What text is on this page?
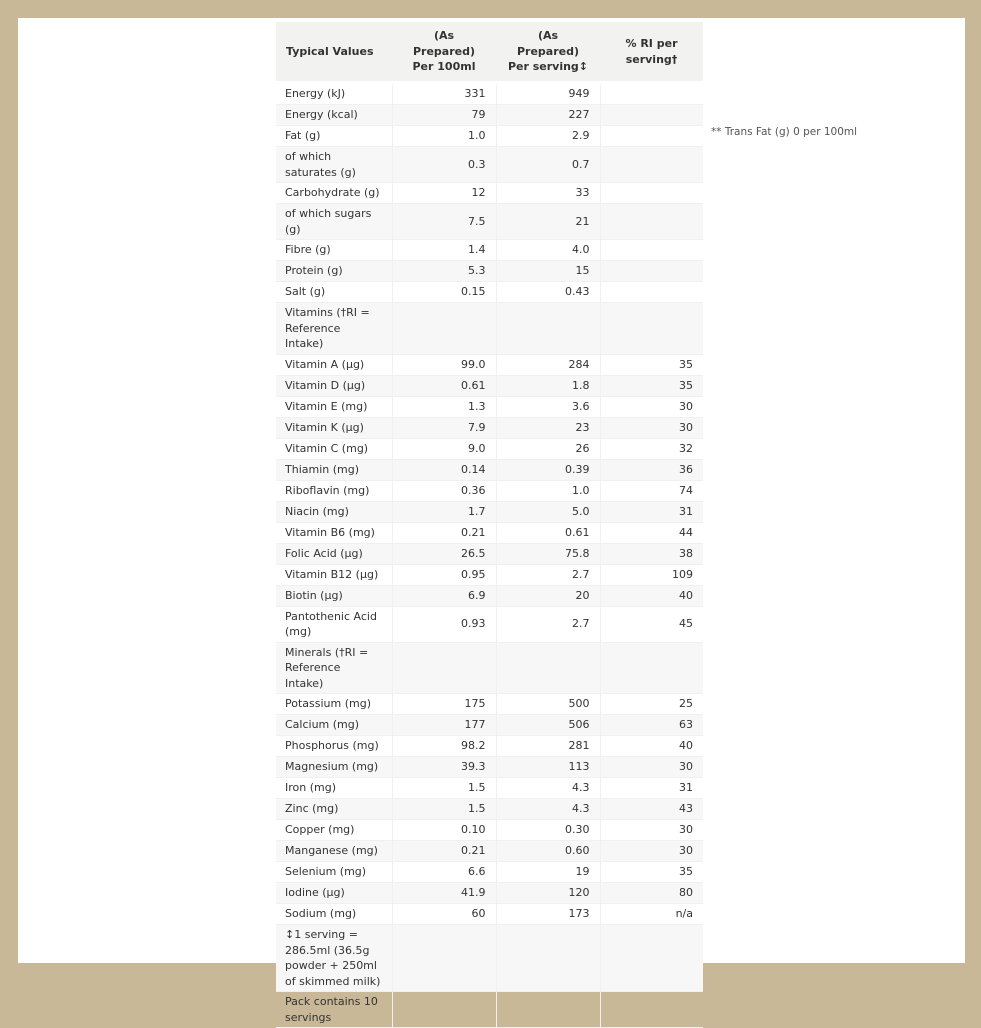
Typical Values	(As Prepared) Per 100ml	(As Prepared) Per serving↕	% RI per serving†

Energy (kJ)	331	949	
Energy (kcal)	79	227	
Fat (g)	1.0	2.9	
of which saturates (g)	0.3	0.7	
Carbohydrate (g)	12	33	
of which sugars (g)	7.5	21	
Fibre (g)	1.4	4.0	
Protein (g)	5.3	15	
Salt (g)	0.15	0.43	
Vitamins (†RI = Reference Intake)			
Vitamin A (µg)	99.0	284	35
Vitamin D (µg)	0.61	1.8	35
Vitamin E (mg)	1.3	3.6	30
Vitamin K (µg)	7.9	23	30
Vitamin C (mg)	9.0	26	32
Thiamin (mg)	0.14	0.39	36
Riboflavin (mg)	0.36	1.0	74
Niacin (mg)	1.7	5.0	31
Vitamin B6 (mg)	0.21	0.61	44
Folic Acid (µg)	26.5	75.8	38
Vitamin B12 (µg)	0.95	2.7	109
Biotin (µg)	6.9	20	40
Pantothenic Acid (mg)	0.93	2.7	45
Minerals (†RI = Reference Intake)			
Potassium (mg)	175	500	25
Calcium (mg)	177	506	63
Phosphorus (mg)	98.2	281	40
Magnesium (mg)	39.3	113	30
Iron (mg)	1.5	4.3	31
Zinc (mg)	1.5	4.3	43
Copper (mg)	0.10	0.30	30
Manganese (mg)	0.21	0.60	30
Selenium (mg)	6.6	19	35
Iodine (µg)	41.9	120	80
Sodium (mg)	60	173	n/a
↕1 serving = 286.5ml (36.5g powder + 250ml of skimmed milk)			
Pack contains 10 servings			
** Trans Fat (g) 0 per 100ml
